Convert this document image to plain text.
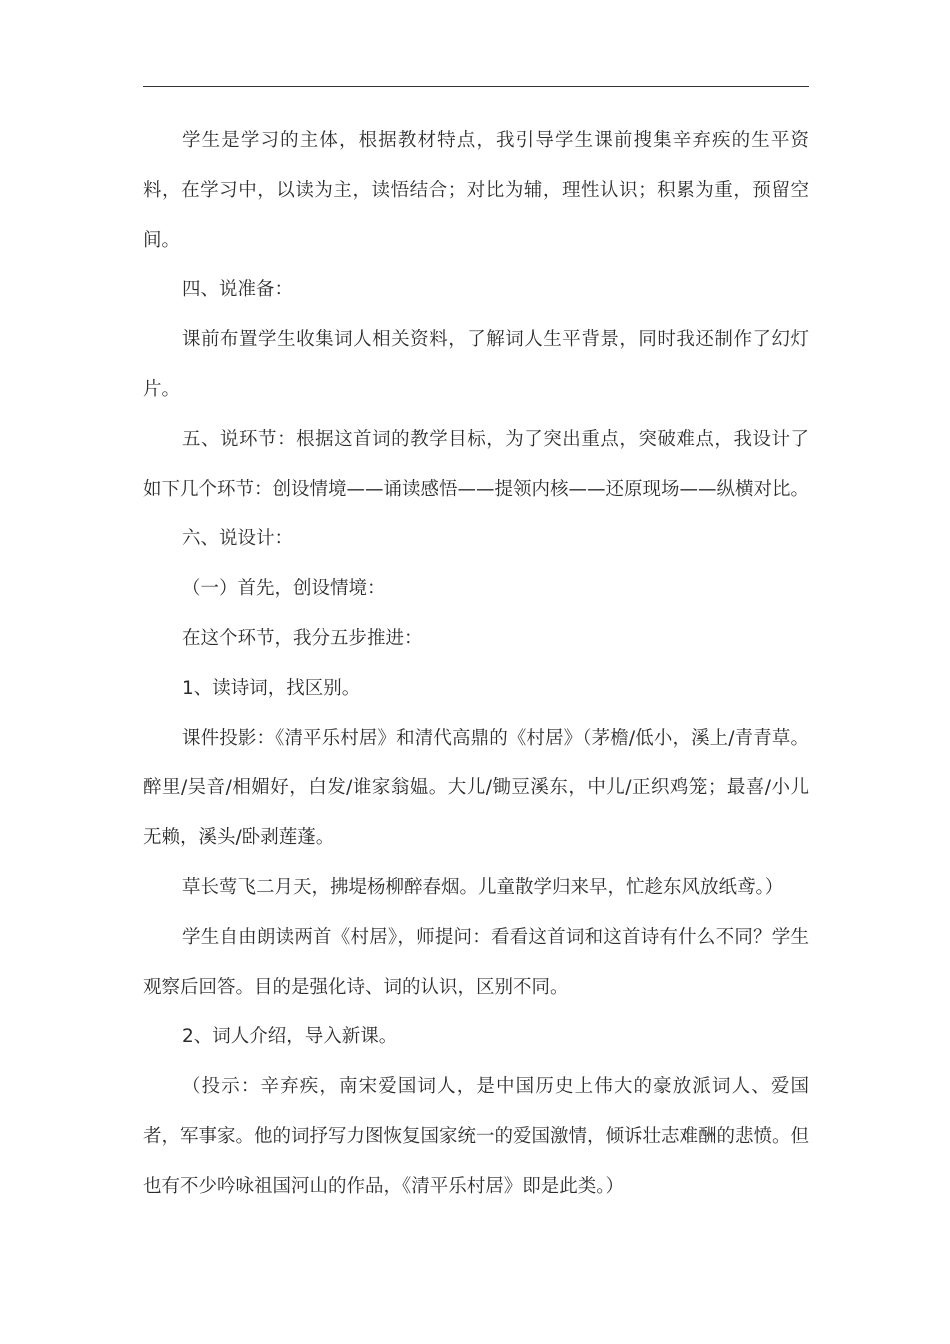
学生是学习的主体，根据教材特点，我引导学生课前搜集辛弃疾的生平资料，在学习中，以读为主，读悟结合；对比为辅，理性认识；积累为重，预留空间。

四、说准备：

课前布置学生收集词人相关资料，了解词人生平背景，同时我还制作了幻灯片。

五、说环节：根据这首词的教学目标，为了突出重点，突破难点，我设计了如下几个环节：创设情境——诵读感悟——提领内核——还原现场——纵横对比。

六、说设计：

（一）首先，创设情境：

在这个环节，我分五步推进：

1、读诗词，找区别。

课件投影：《清平乐村居》和清代高鼎的《村居》（茅檐/低小，溪上/青青草。醉里/吴音/相媚好，白发/谁家翁媪。大儿/锄豆溪东，中儿/正织鸡笼；最喜/小儿无赖，溪头/卧剥莲蓬。

草长莺飞二月天，拂堤杨柳醉春烟。儿童散学归来早，忙趁东风放纸鸢。）

学生自由朗读两首《村居》，师提问：看看这首词和这首诗有什么不同？学生观察后回答。目的是强化诗、词的认识，区别不同。

2、词人介绍，导入新课。

（投示：辛弃疾，南宋爱国词人，是中国历史上伟大的豪放派词人、爱国者，军事家。他的词抒写力图恢复国家统一的爱国激情，倾诉壮志难酬的悲愤。但也有不少吟咏祖国河山的作品，《清平乐村居》即是此类。）
